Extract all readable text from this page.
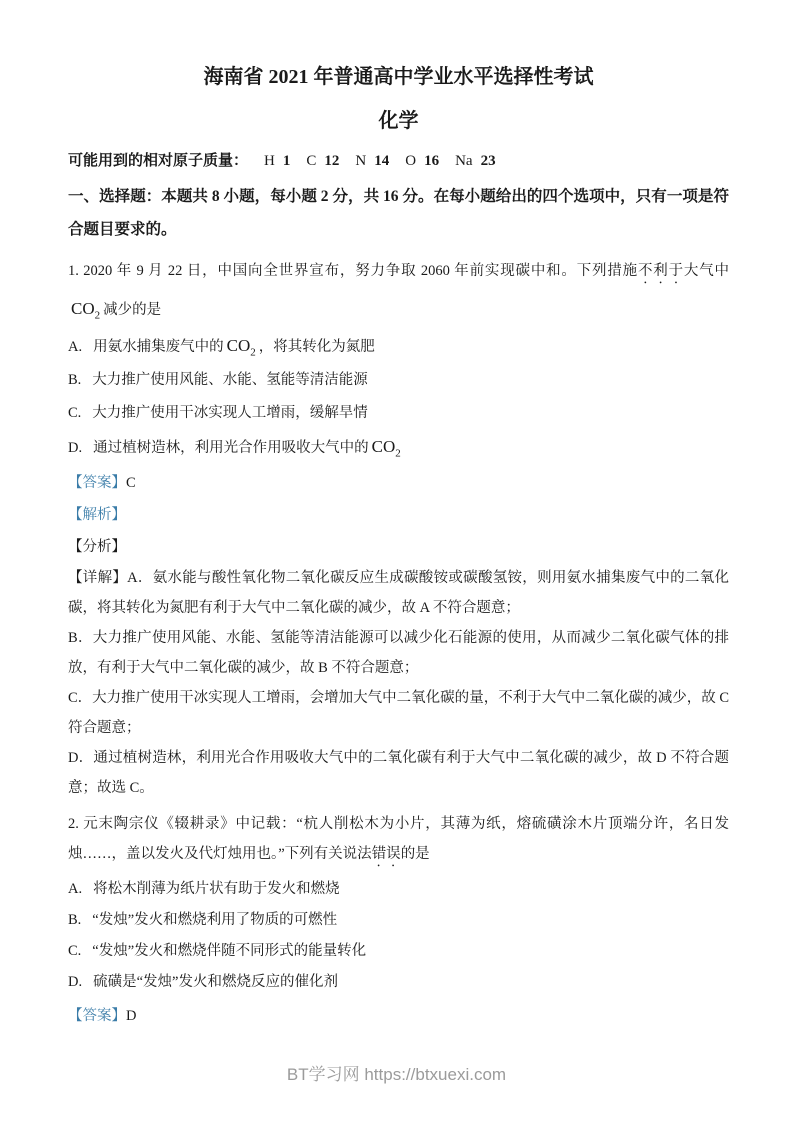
海南省 2021 年普通高中学业水平选择性考试
化学

可能用到的相对原子质量： H 1 C 12 N 14 O 16 Na 23

一、选择题：本题共 8 小题，每小题 2 分，共 16 分。在每小题给出的四个选项中，只有一项是符合题目要求的。

1. 2020 年 9 月 22 日，中国向全世界宣布，努力争取 2060 年前实现碳中和。下列措施不利于大气中$CO_2$ 减少的是

A. 用氨水捕集废气中的 $CO_2$ ，将其转化为氮肥

B. 大力推广使用风能、水能、氢能等清洁能源

C. 大力推广使用干冰实现人工增雨，缓解旱情

D. 通过植树造林，利用光合作用吸收大气中的 $CO_2$

【答案】C

【解析】

【分析】

【详解】A．氨水能与酸性氧化物二氧化碳反应生成碳酸铵或碳酸氢铵，则用氨水捕集废气中的二氧化碳，将其转化为氮肥有利于大气中二氧化碳的减少，故 A 不符合题意；

B．大力推广使用风能、水能、氢能等清洁能源可以减少化石能源的使用，从而减少二氧化碳气体的排放，有利于大气中二氧化碳的减少，故 B 不符合题意；

C．大力推广使用干冰实现人工增雨，会增加大气中二氧化碳的量，不利于大气中二氧化碳的减少，故 C 符合题意；

D．通过植树造林，利用光合作用吸收大气中的二氧化碳有利于大气中二氧化碳的减少，故 D 不符合题意；故选 C。

2. 元末陶宗仪《辍耕录》中记载：“杭人削松木为小片，其薄为纸，熔硫磺涂木片顶端分许，名日发烛……，盖以发火及代灯烛用也。”下列有关说法错误的是

A. 将松木削薄为纸片状有助于发火和燃烧

B. “发烛”发火和燃烧利用了物质的可燃性

C. “发烛”发火和燃烧伴随不同形式的能量转化

D. 硫磺是“发烛”发火和燃烧反应的催化剂

【答案】D

BT学习网 https://btxuexi.com
